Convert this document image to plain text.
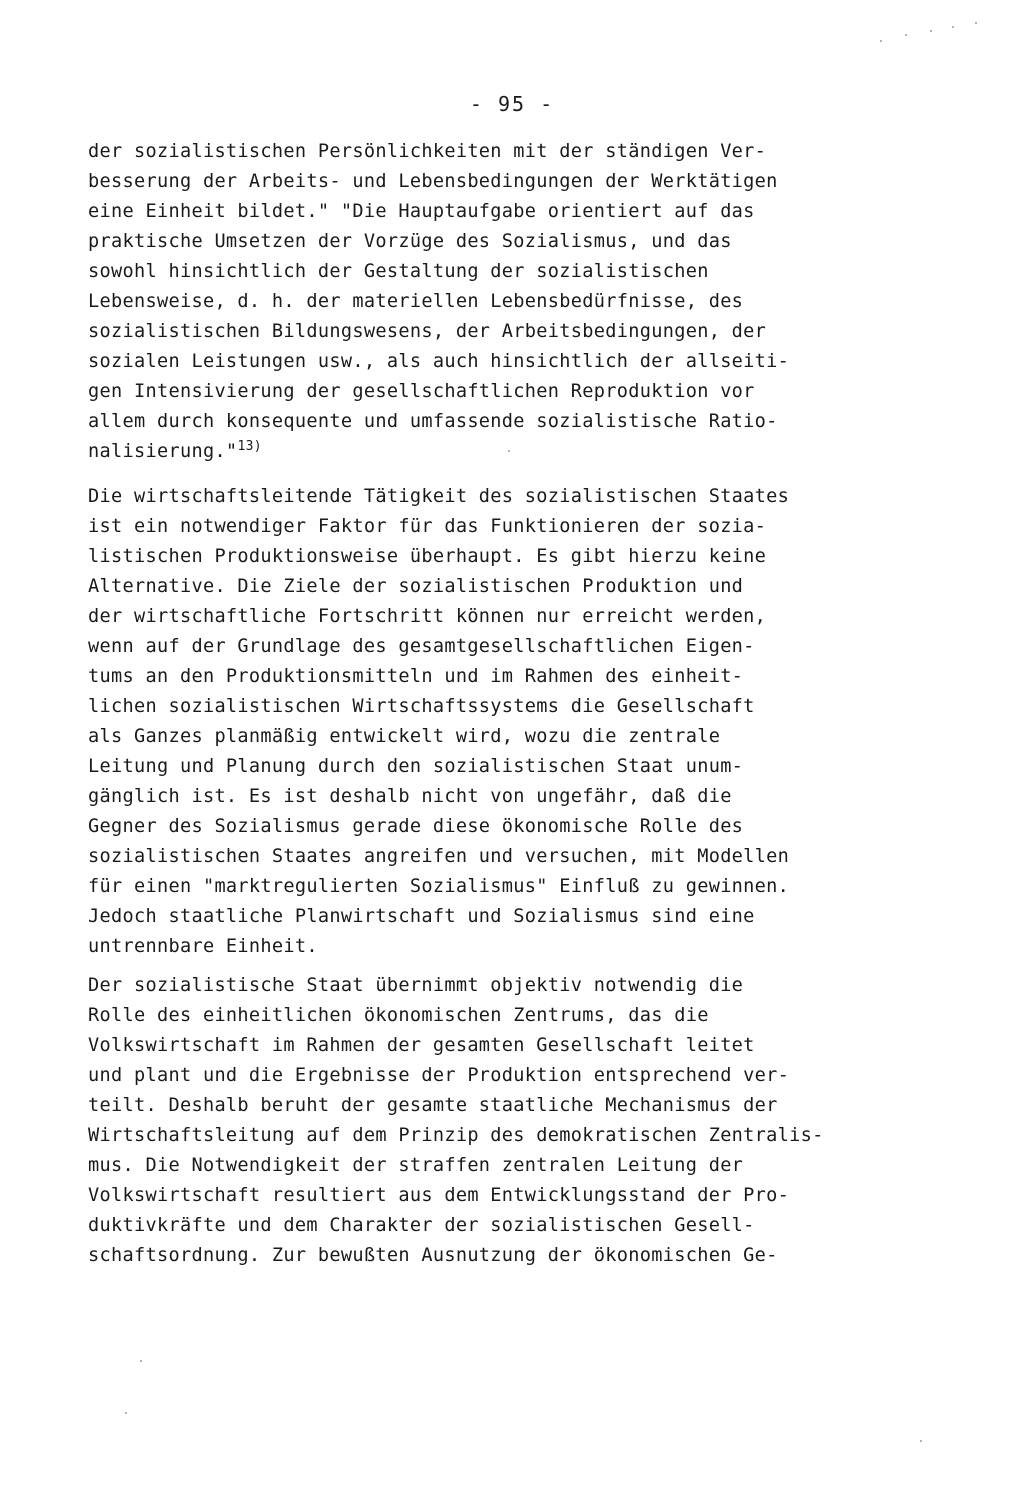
- 95 -
der sozialistischen Persönlichkeiten mit der ständigen Ver-
besserung der Arbeits- und Lebensbedingungen der Werktätigen
eine Einheit bildet." "Die Hauptaufgabe orientiert auf das
praktische Umsetzen der Vorzüge des Sozialismus, und das
sowohl hinsichtlich der Gestaltung der sozialistischen
Lebensweise, d. h. der materiellen Lebensbedürfnisse, des
sozialistischen Bildungswesens, der Arbeitsbedingungen, der
sozialen Leistungen usw., als auch hinsichtlich der allseiti-
gen Intensivierung der gesellschaftlichen Reproduktion vor
allem durch konsequente und umfassende sozialistische Ratio-
nalisierung."$^{13)}$
Die wirtschaftsleitende Tätigkeit des sozialistischen Staates
ist ein notwendiger Faktor für das Funktionieren der sozia-
listischen Produktionsweise überhaupt. Es gibt hierzu keine
Alternative. Die Ziele der sozialistischen Produktion und
der wirtschaftliche Fortschritt können nur erreicht werden,
wenn auf der Grundlage des gesamtgesellschaftlichen Eigen-
tums an den Produktionsmitteln und im Rahmen des einheit-
lichen sozialistischen Wirtschaftssystems die Gesellschaft
als Ganzes planmäßig entwickelt wird, wozu die zentrale
Leitung und Planung durch den sozialistischen Staat unum-
gänglich ist. Es ist deshalb nicht von ungefähr, daß die
Gegner des Sozialismus gerade diese ökonomische Rolle des
sozialistischen Staates angreifen und versuchen, mit Modellen
für einen "marktregulierten Sozialismus" Einfluß zu gewinnen.
Jedoch staatliche Planwirtschaft und Sozialismus sind eine
untrennbare Einheit.
Der sozialistische Staat übernimmt objektiv notwendig die
Rolle des einheitlichen ökonomischen Zentrums, das die
Volkswirtschaft im Rahmen der gesamten Gesellschaft leitet
und plant und die Ergebnisse der Produktion entsprechend ver-
teilt. Deshalb beruht der gesamte staatliche Mechanismus der
Wirtschaftsleitung auf dem Prinzip des demokratischen Zentralis-
mus. Die Notwendigkeit der straffen zentralen Leitung der
Volkswirtschaft resultiert aus dem Entwicklungsstand der Pro-
duktivkräfte und dem Charakter der sozialistischen Gesell-
schaftsordnung. Zur bewußten Ausnutzung der ökonomischen Ge-
